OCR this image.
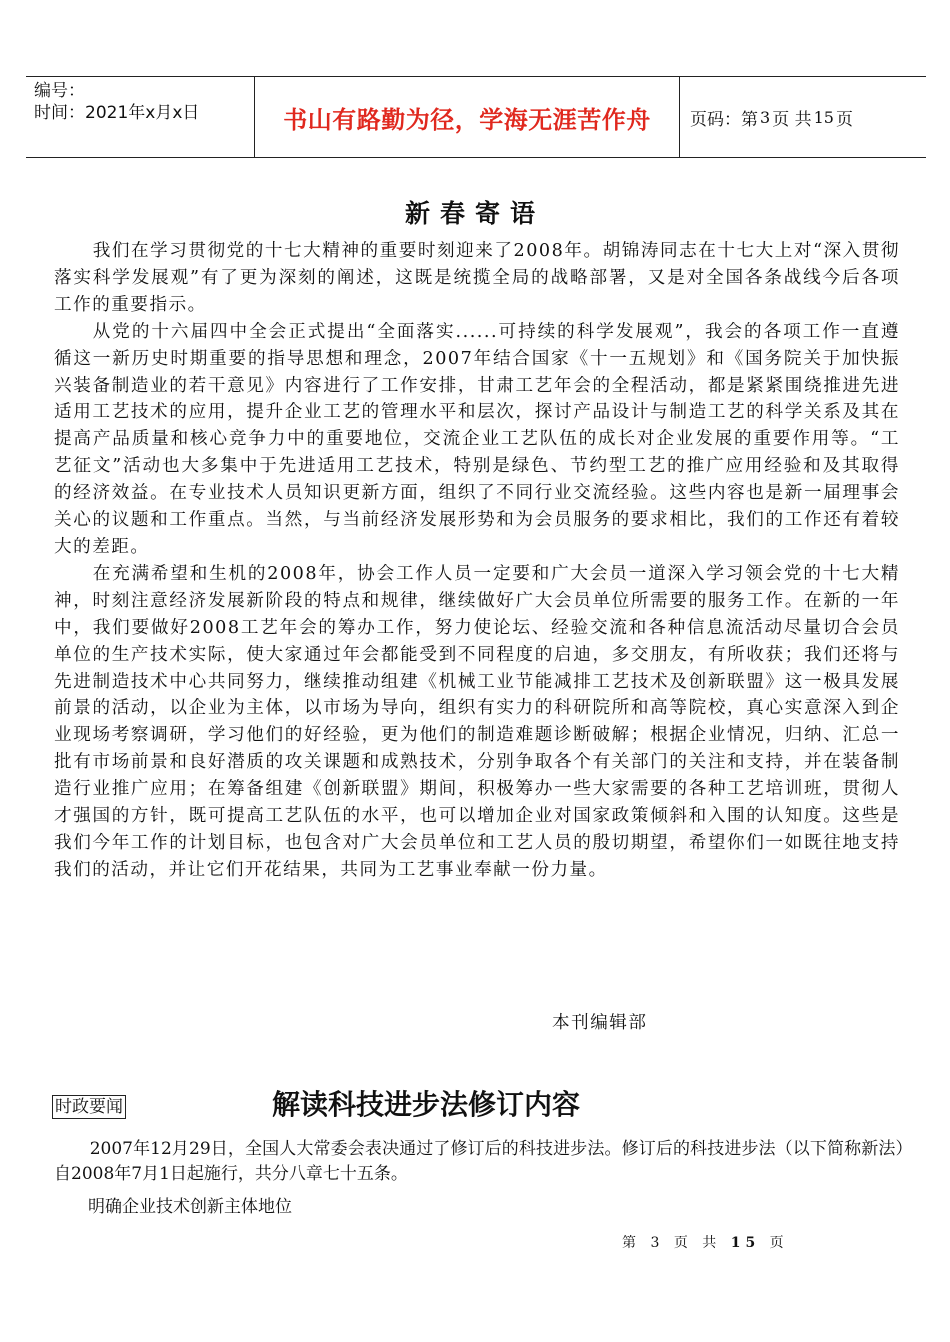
编号：
时间：2021年x月x日	书山有路勤为径，学海无涯苦作舟 页码：第 3 页 共 15 页
新春寄语

我们在学习贯彻党的十七大精神的重要时刻迎来了2008年。胡锦涛同志在十七大上对“深入贯彻落实科学发展观”有了更为深刻的阐述，这既是统揽全局的战略部署，又是对全国各条战线今后各项工作的重要指示。

从党的十六届四中全会正式提出“全面落实......可持续的科学发展观”，我会的各项工作一直遵循这一新历史时期重要的指导思想和理念，2007年结合国家《十一五规划》和《国务院关于加快振兴装备制造业的若干意见》内容进行了工作安排，甘肃工艺年会的全程活动，都是紧紧围绕推进先进适用工艺技术的应用，提升企业工艺的管理水平和层次，探讨产品设计与制造工艺的科学关系及其在提高产品质量和核心竞争力中的重要地位，交流企业工艺队伍的成长对企业发展的重要作用等。“工艺征文”活动也大多集中于先进适用工艺技术，特别是绿色、节约型工艺的推广应用经验和及其取得的经济效益。在专业技术人员知识更新方面，组织了不同行业交流经验。这些内容也是新一届理事会关心的议题和工作重点。当然，与当前经济发展形势和为会员服务的要求相比，我们的工作还有着较大的差距。

在充满希望和生机的2008年，协会工作人员一定要和广大会员一道深入学习领会党的十七大精神，时刻注意经济发展新阶段的特点和规律，继续做好广大会员单位所需要的服务工作。在新的一年中，我们要做好2008工艺年会的筹办工作，努力使论坛、经验交流和各种信息流活动尽量切合会员单位的生产技术实际，使大家通过年会都能受到不同程度的启迪，多交朋友，有所收获；我们还将与先进制造技术中心共同努力，继续推动组建《机械工业节能减排工艺技术及创新联盟》这一极具发展前景的活动，以企业为主体，以市场为导向，组织有实力的科研院所和高等院校，真心实意深入到企业现场考察调研，学习他们的好经验，更为他们的制造难题诊断破解；根据企业情况，归纳、汇总一批有市场前景和良好潜质的攻关课题和成熟技术，分别争取各个有关部门的关注和支持，并在装备制造行业推广应用；在筹备组建《创新联盟》期间，积极筹办一些大家需要的各种工艺培训班，贯彻人才强国的方针，既可提高工艺队伍的水平，也可以增加企业对国家政策倾斜和入围的认知度。这些是我们今年工作的计划目标，也包含对广大会员单位和工艺人员的殷切期望，希望你们一如既往地支持我们的活动，并让它们开花结果，共同为工艺事业奉献一份力量。

本刊编辑部
时政要闻	解读科技进步法修订内容

2007年12月29日，全国人大常委会表决通过了修订后的科技进步法。修订后的科技进步法（以下简称新法）自2008年7月1日起施行，共分八章七十五条。

明确企业技术创新主体地位
第 3 页 共 15 页
